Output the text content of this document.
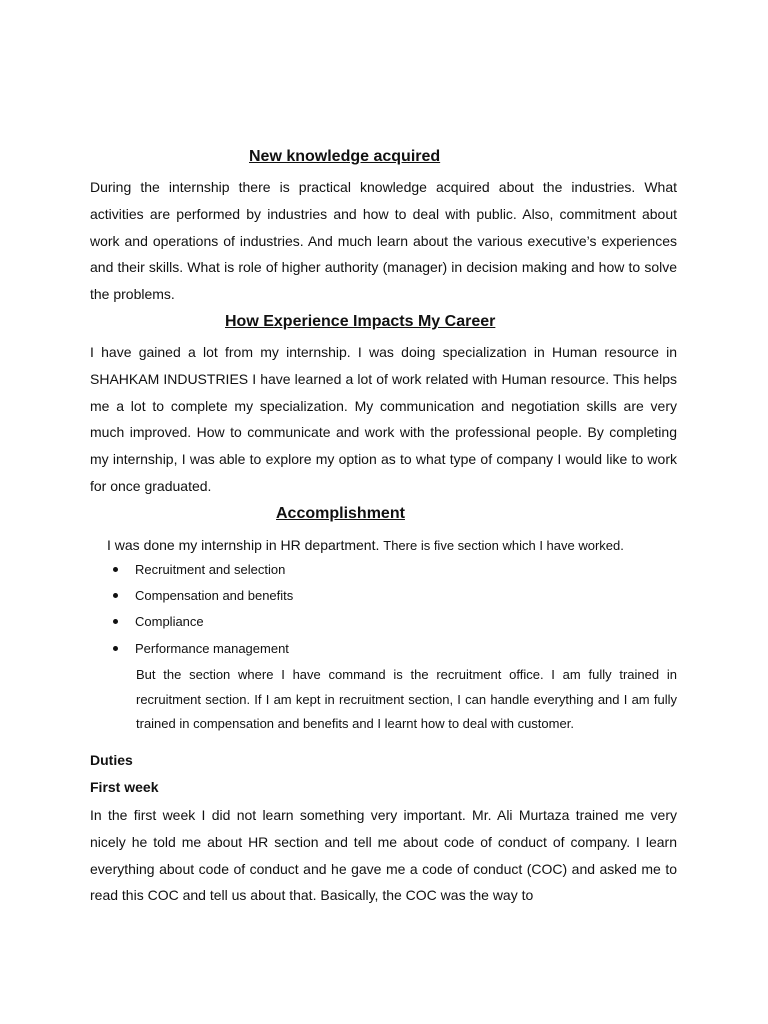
New knowledge acquired

During the internship there is practical knowledge acquired about the industries. What activities are performed by industries and how to deal with public. Also, commitment about work and operations of industries. And much learn about the various executive’s experiences and their skills. What is role of higher authority (manager) in decision making and how to solve the problems.

How Experience Impacts My Career

I have gained a lot from my internship. I was doing specialization in Human resource in SHAHKAM INDUSTRIES I have learned a lot of work related with Human resource. This helps me a lot to complete my specialization. My communication and negotiation skills are very much improved. How to communicate and work with the professional people. By completing my internship, I was able to explore my option as to what type of company I would like to work for once graduated.

Accomplishment

I was done my internship in HR department. There is five section which I have worked.

Recruitment and selection
Compensation and benefits
Compliance
Performance management

But the section where I have command is the recruitment office. I am fully trained in recruitment section. If I am kept in recruitment section, I can handle everything and I am fully trained in compensation and benefits and I learnt how to deal with customer.

Duties
First week

In the first week I did not learn something very important. Mr. Ali Murtaza trained me very nicely he told me about HR section and tell me about code of conduct of company. I learn everything about code of conduct and he gave me a code of conduct (COC) and asked me to read this COC and tell us about that. Basically, the COC was the way to
